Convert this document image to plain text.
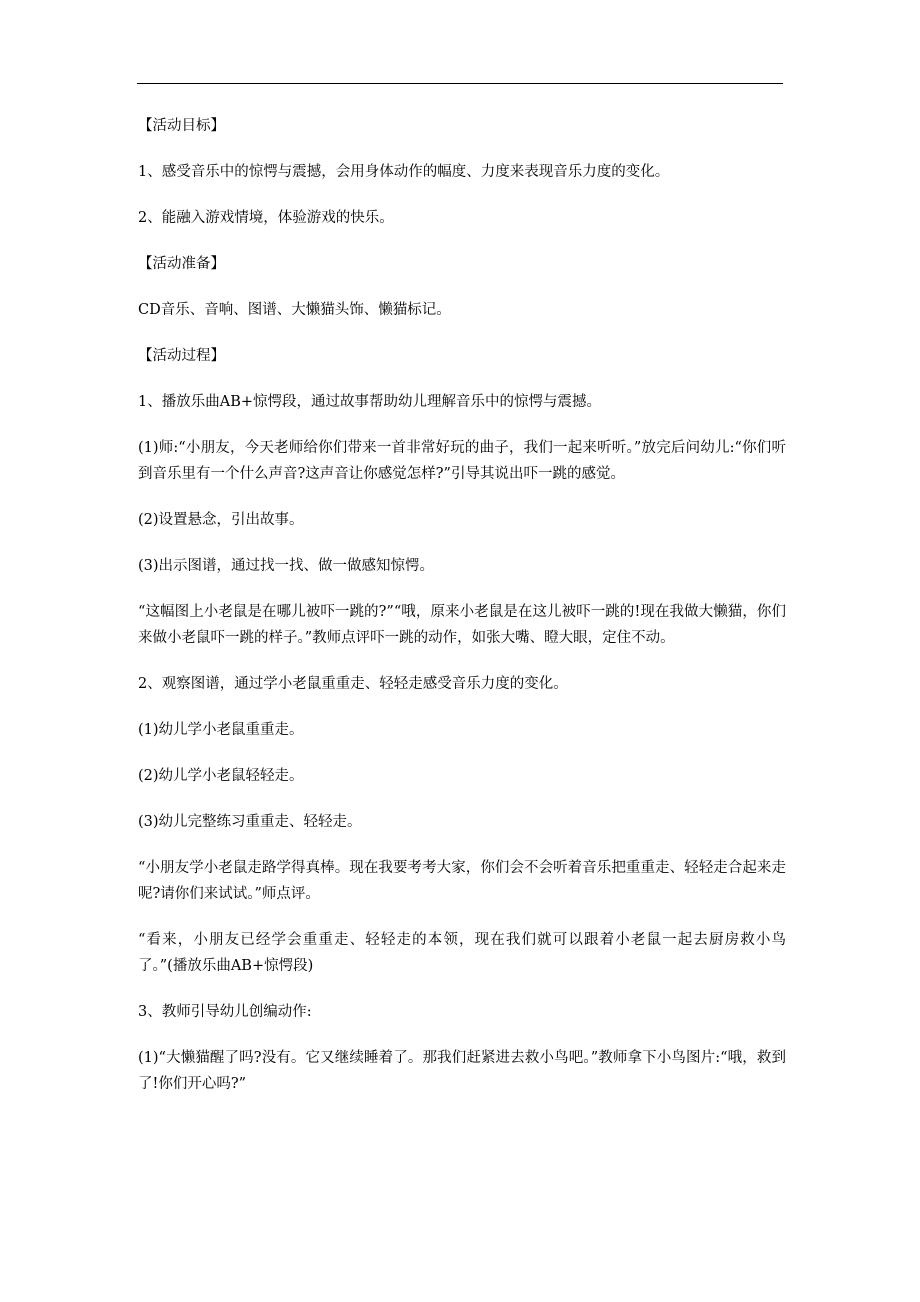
【活动目标】

1、感受音乐中的惊愕与震撼，会用身体动作的幅度、力度来表现音乐力度的变化。

2、能融入游戏情境，体验游戏的快乐。

【活动准备】

CD音乐、音响、图谱、大懒猫头饰、懒猫标记。

【活动过程】

1、播放乐曲AB+惊愕段，通过故事帮助幼儿理解音乐中的惊愕与震撼。

(1)师:“小朋友，今天老师给你们带来一首非常好玩的曲子，我们一起来听听。”放完后问幼儿:“你们听到音乐里有一个什么声音?这声音让你感觉怎样?”引导其说出吓一跳的感觉。

(2)设置悬念，引出故事。

(3)出示图谱，通过找一找、做一做感知惊愕。

“这幅图上小老鼠是在哪儿被吓一跳的?”“哦，原来小老鼠是在这儿被吓一跳的!现在我做大懒猫，你们来做小老鼠吓一跳的样子。”教师点评吓一跳的动作，如张大嘴、瞪大眼，定住不动。

2、观察图谱，通过学小老鼠重重走、轻轻走感受音乐力度的变化。

(1)幼儿学小老鼠重重走。

(2)幼儿学小老鼠轻轻走。

(3)幼儿完整练习重重走、轻轻走。

“小朋友学小老鼠走路学得真棒。现在我要考考大家，你们会不会听着音乐把重重走、轻轻走合起来走呢?请你们来试试。”师点评。

“看来，小朋友已经学会重重走、轻轻走的本领，现在我们就可以跟着小老鼠一起去厨房救小鸟了。”(播放乐曲AB+惊愕段)

3、教师引导幼儿创编动作:

(1)“大懒猫醒了吗?没有。它又继续睡着了。那我们赶紧进去救小鸟吧。”教师拿下小鸟图片:“哦，救到了!你们开心吗?”
